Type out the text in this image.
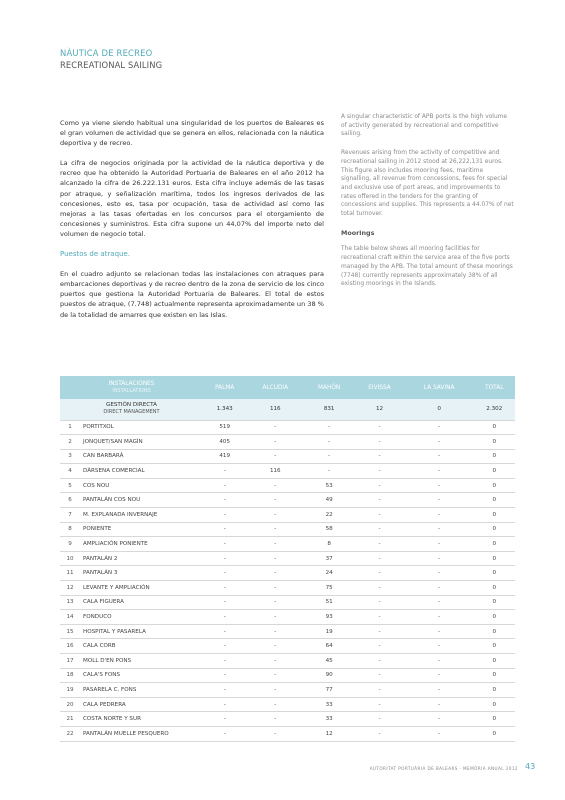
NÀUTICA DE RECREO
RECREATIONAL SAILING

Como ya viene siendo habitual una singularidad de los puertos de Baleares es el gran volumen de actividad que se genera en ellos, relacionada con la náutica deportiva y de recreo.

La cifra de negocios originada por la actividad de la náutica deportiva y de recreo que ha obtenido la Autoridad Portuaria de Baleares en el año 2012 ha alcanzado la cifra de 26.222.131 euros. Esta cifra incluye además de las tasas por atraque, y señalización marítima, todos los ingresos derivados de las concesiones, esto es, tasa por ocupación, tasa de actividad así como las mejoras a las tasas ofertadas en los concursos para el otorgamiento de concesiones y suministros. Esta cifra supone un 44,07% del importe neto del volumen de negocio total.

Puestos de atraque.

En el cuadro adjunto se relacionan todas las instalaciones con atraques para embarcaciones deportivas y de recreo dentro de la zona de servicio de los cinco puertos que gestiona la Autoridad Portuaria de Baleares. El total de estos puestos de atraque, (7.748) actualmente representa aproximadamente un 38 % de la totalidad de amarres que existen en las Islas.

A singular characteristic of APB ports is the high volume of activity generated by recreational and competitive sailing.

Revenues arising from the activity of competitive and recreational sailing in 2012 stood at 26,222,131 euros. This figure also includes mooring fees, maritime signalling, all revenue from concessions, fees for special and exclusive use of port areas, and improvements to rates offered in the tenders for the granting of concessions and supplies. This represents a 44.07% of net total turnover.

Moorings

The table below shows all mooring facilities for recreational craft within the service area of the five ports managed by the APB. The total amount of these moorings (7748) currently represents approximately 38% of all existing moorings in the Islands.

INSTALACIONES
INSTALLATIONS		PALMA	ALCUDIA	MAHÓN	EIVISSA	LA SAVINA	TOTAL
GESTIÓN DIRECTA
DIRECT MANAGEMENT		1.343	116	831	12	0	2.302
1	PORTITXOL	519	-	-	-	-	0
2	JONQUET/SAN MAGÍN	405	-	-	-	-	0
3	CAN BARBARÀ	419	-	-	-	-	0
4	DÀRSENA COMERCIAL	-	116	-	-	-	0
5	COS NOU	-	-	53	-	-	0
6	PANTALÁN COS NOU	-	-	49	-	-	0
7	M. EXPLANADA INVERNAJE	-	-	22	-	-	0
8	PONIENTE	-	-	58	-	-	0
9	AMPLIACIÓN PONIENTE	-	-	8	-	-	0
10	PANTALÁN 2	-	-	37	-	-	0
11	PANTALÁN 3	-	-	24	-	-	0
12	LEVANTE Y AMPLIACIÓN	-	-	75	-	-	0
13	CALA FIGUERA	-	-	51	-	-	0
14	FONDUCO	-	-	93	-	-	0
15	HOSPITAL Y PASARELA	-	-	19	-	-	0
16	CALA CORB	-	-	64	-	-	0
17	MOLL D'EN PONS	-	-	45	-	-	0
18	CALA'S FONS	-	-	90	-	-	0
19	PASARELA C. FONS	-	-	77	-	-	0
20	CALA PEDRERA	-	-	33	-	-	0
21	COSTA NORTE Y SUR	-	-	33	-	-	0
22	PANTALÁN MUELLE PESQUERO	-	-	12	-	-	0
AUTORITAT PORTUÀRIA DE BALEARS · MEMÒRIA ANUAL 2012 43
